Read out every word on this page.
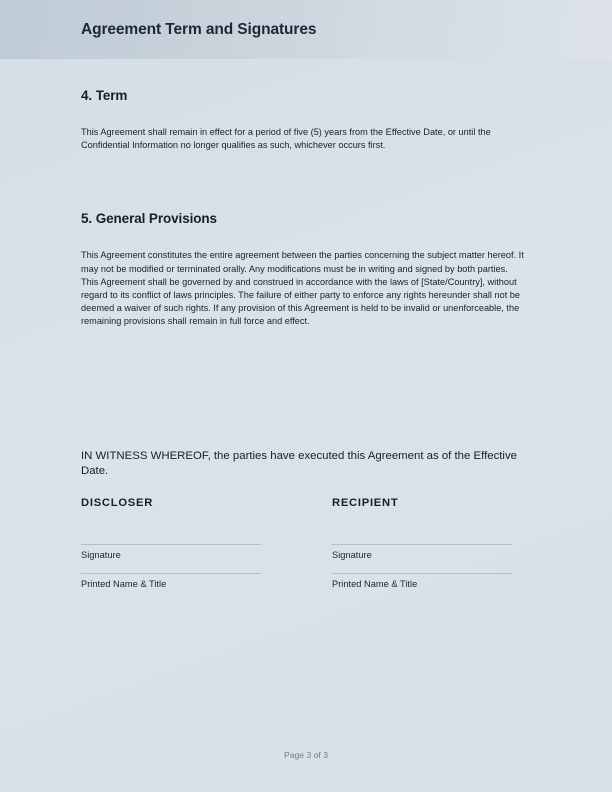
Agreement Term and Signatures
4. Term

This Agreement shall remain in effect for a period of five (5) years from the Effective Date, or until the Confidential Information no longer qualifies as such, whichever occurs first.

5. General Provisions

This Agreement constitutes the entire agreement between the parties concerning the subject matter hereof. It may not be modified or terminated orally. Any modifications must be in writing and signed by both parties. This Agreement shall be governed by and construed in accordance with the laws of [State/Country], without regard to its conflict of laws principles. The failure of either party to enforce any rights hereunder shall not be deemed a waiver of such rights. If any provision of this Agreement is held to be invalid or unenforceable, the remaining provisions shall remain in full force and effect.

IN WITNESS WHEREOF, the parties have executed this Agreement as of the Effective Date.

DISCLOSER

Signature

Printed Name & Title

RECIPIENT

Signature

Printed Name & Title

Page 3 of 3
